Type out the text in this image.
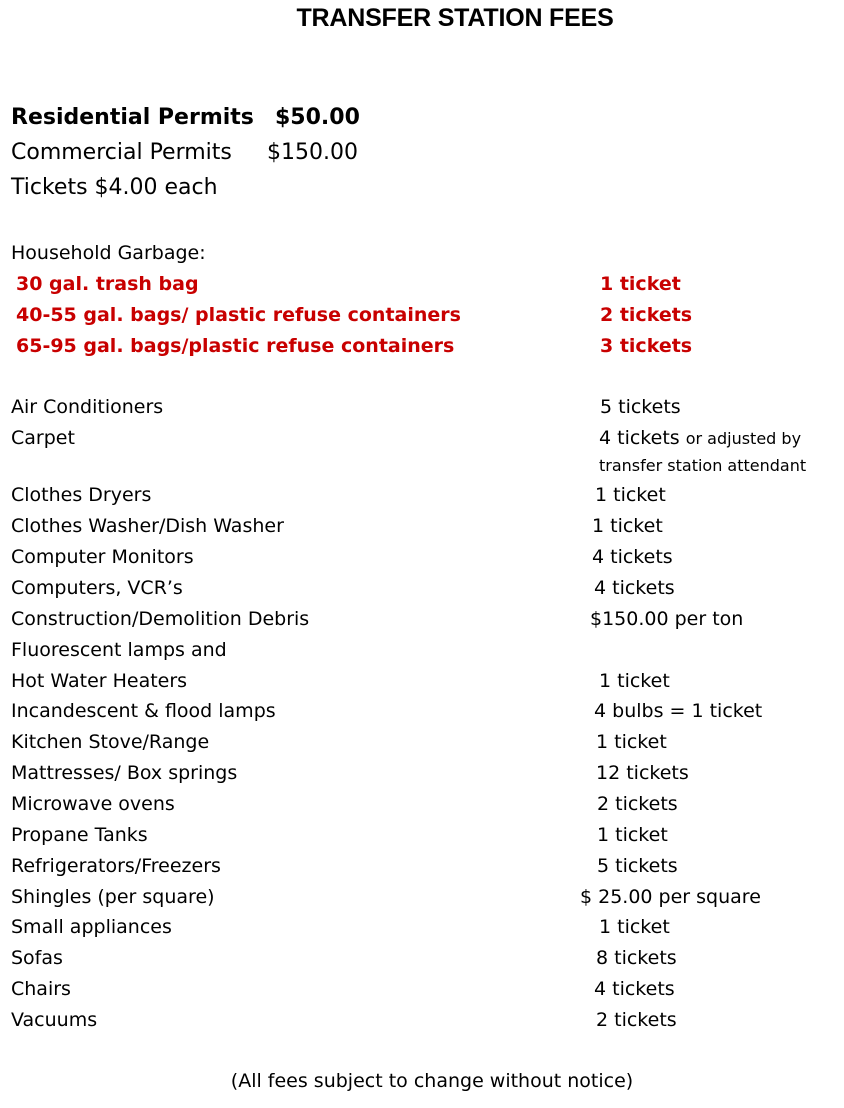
TRANSFER STATION FEES
Residential Permits $50.00
Commercial Permits $150.00
Tickets $4.00 each
Household Garbage:
30 gal. trash bag	1 ticket
40-55 gal. bags/ plastic refuse containers	2 tickets
65-95 gal. bags/plastic refuse containers	3 tickets
Air Conditioners	5 tickets
Carpet	4 tickets or adjusted by
transfer station attendant
Clothes Dryers	1 ticket
Clothes Washer/Dish Washer	1 ticket
Computer Monitors	4 tickets
Computers, VCR’s	4 tickets
Construction/Demolition Debris	$150.00 per ton
Fluorescent lamps and
Hot Water Heaters	1 ticket
Incandescent & flood lamps	4 bulbs = 1 ticket
Kitchen Stove/Range	1 ticket
Mattresses/ Box springs	12 tickets
Microwave ovens	2 tickets
Propane Tanks	1 ticket
Refrigerators/Freezers	5 tickets
Shingles (per square)	$ 25.00 per square
Small appliances	1 ticket
Sofas	8 tickets
Chairs	4 tickets
Vacuums	2 tickets
(All fees subject to change without notice)
